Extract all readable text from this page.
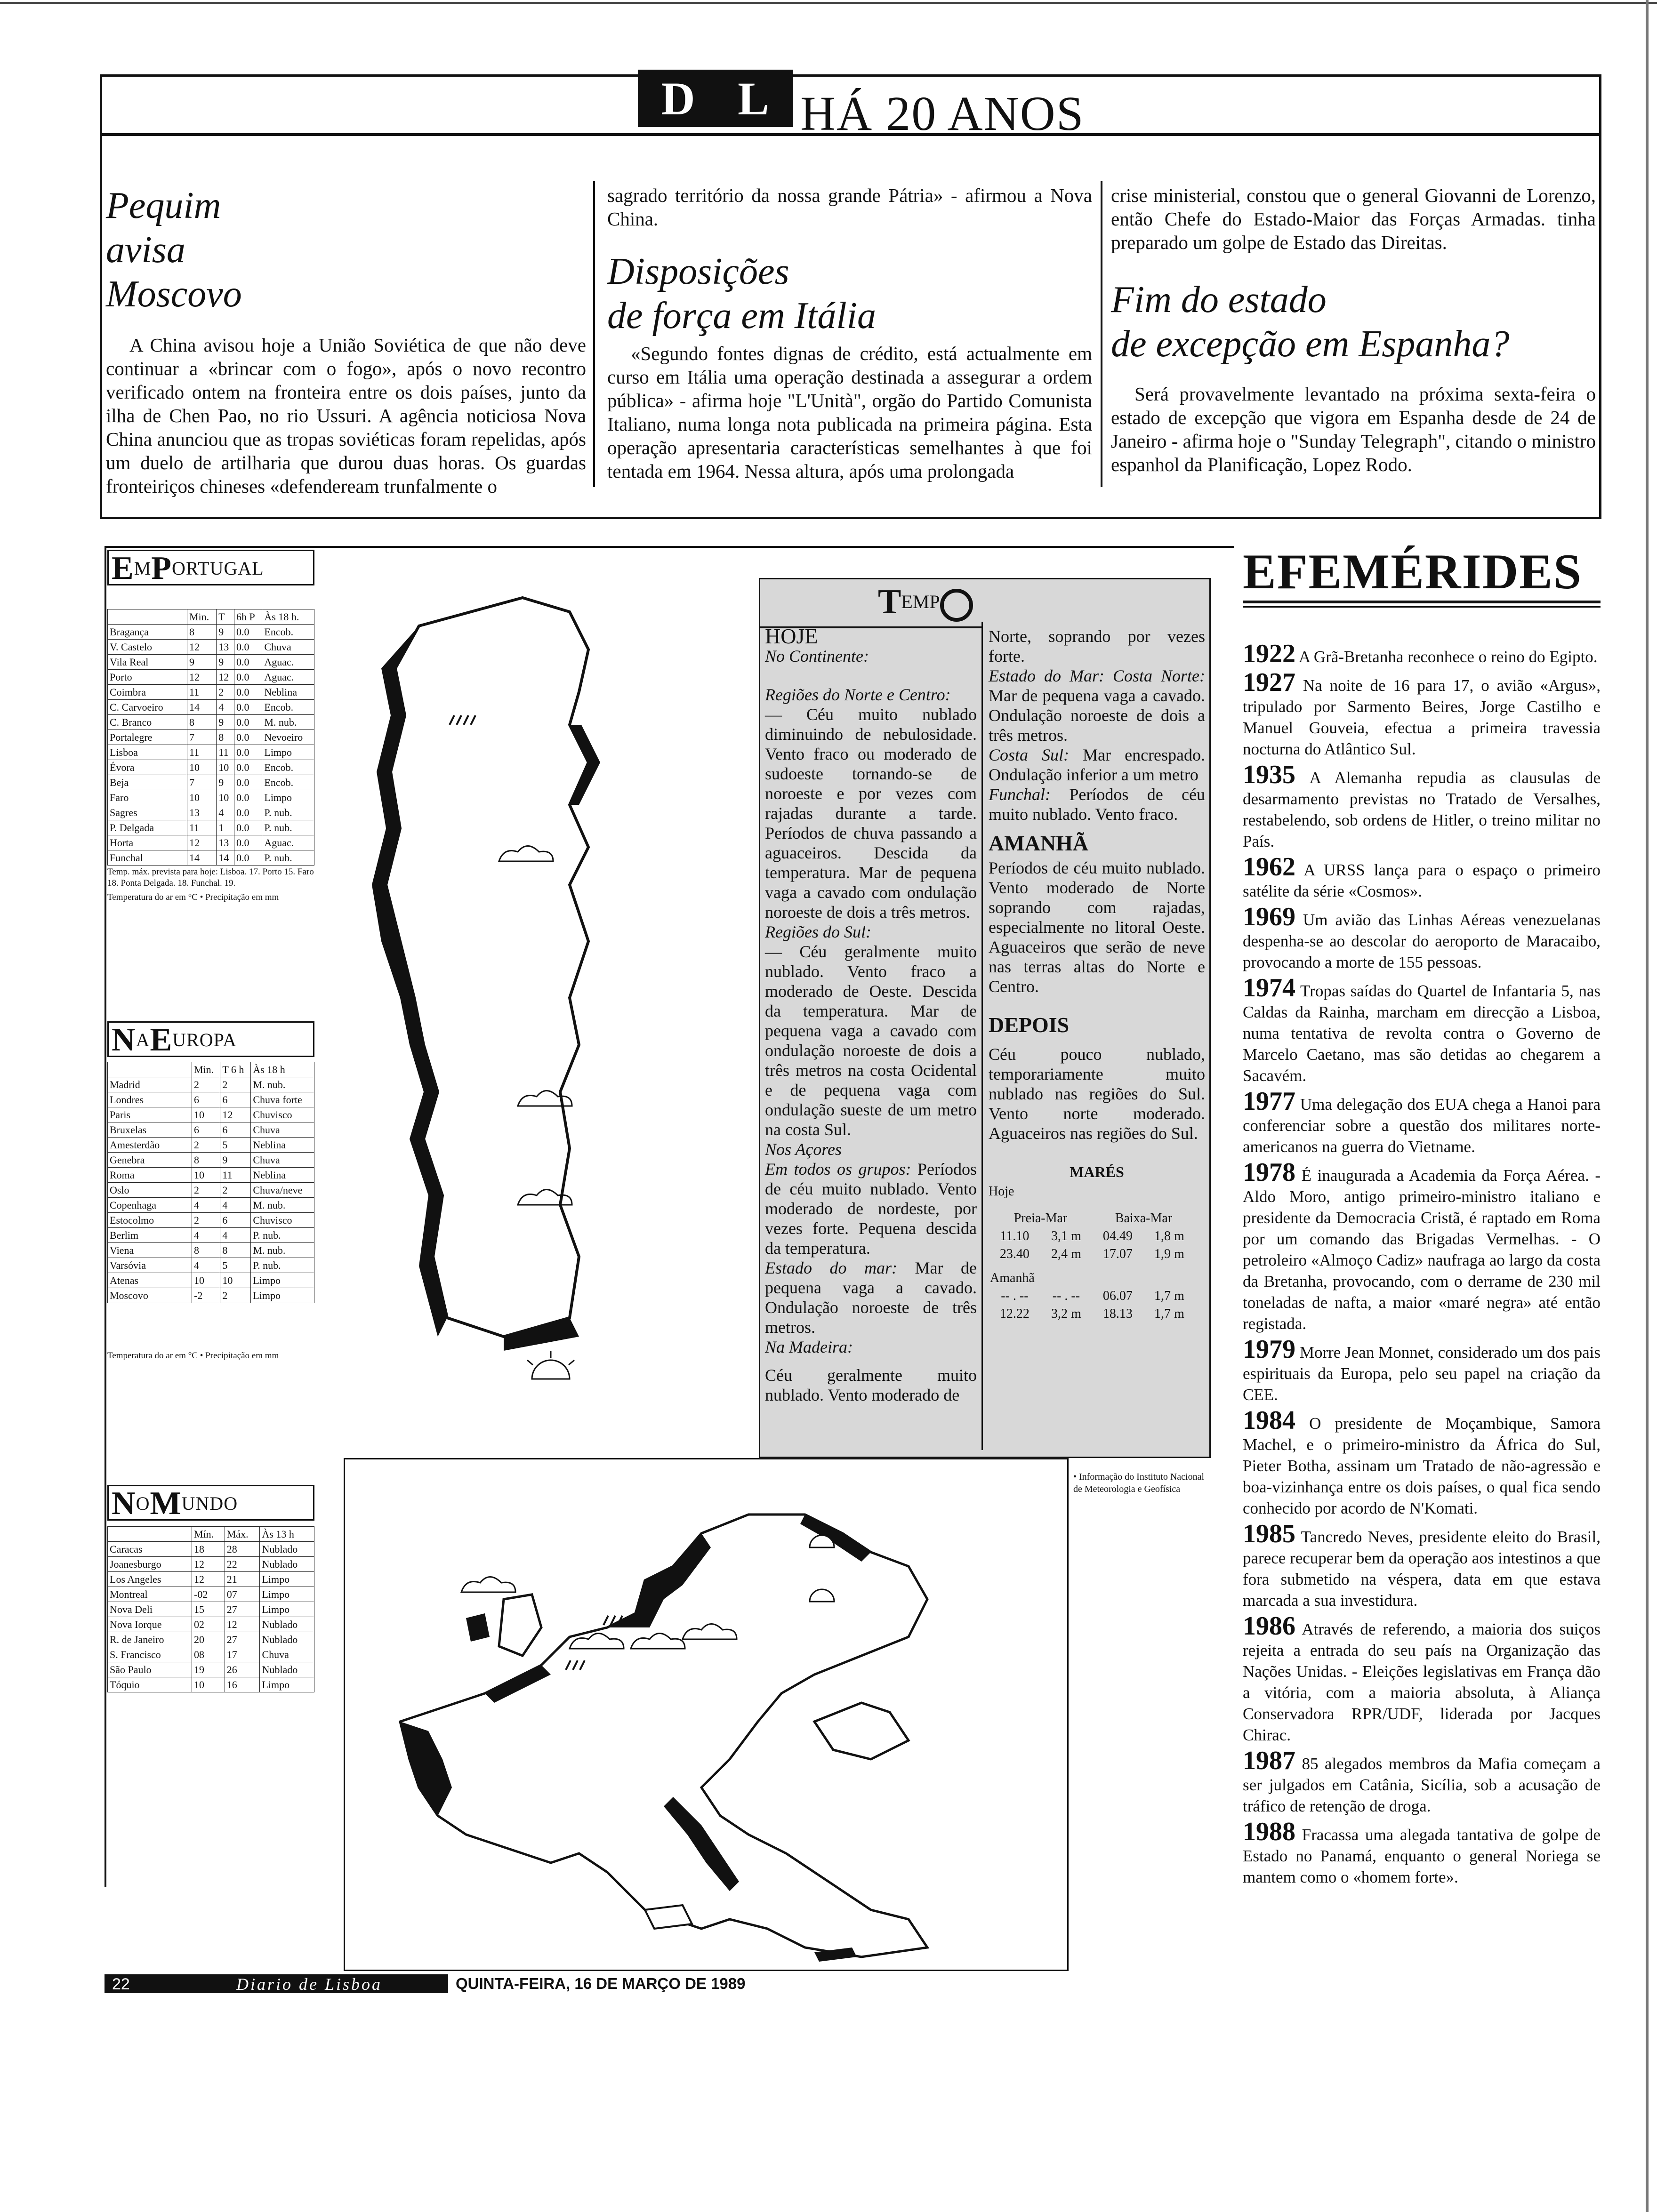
D L HÁ 20 ANOS
Pequim
avisa
Moscovo
A China avisou hoje a União Soviética de que não deve continuar a «brincar com o fogo», após o novo recontro verificado ontem na fronteira entre os dois países, junto da ilha de Chen Pao, no rio Ussuri. A agência noticiosa Nova China anunciou que as tropas soviéticas foram repelidas, após um duelo de artilharia que durou duas horas. Os guardas fronteiriços chineses «defendeream trunfalmente o
sagrado território da nossa grande Pátria» - afirmou a Nova China.
Disposições
de força em Itália
«Segundo fontes dignas de crédito, está actualmente em curso em Itália uma operação destinada a assegurar a ordem pública» - afirma hoje "L'Unità", orgão do Partido Comunista Italiano, numa longa nota publicada na primeira página. Esta operação apresentaria características semelhantes à que foi tentada em 1964. Nessa altura, após uma prolongada
crise ministerial, constou que o general Giovanni de Lorenzo, então Chefe do Estado-Maior das Forças Armadas. tinha preparado um golpe de Estado das Direitas.
Fim do estado
de excepção em Espanha?
Será provavelmente levantado na próxima sexta-feira o estado de excepção que vigora em Espanha desde de 24 de Janeiro - afirma hoje o "Sunday Telegraph", citando o ministro espanhol da Planificação, Lopez Rodo.
$E^MP^{ORTUGAL}$
	Min.	T	6h P	Às 18 h.
Bragança	8	9	0.0	Encob.
V. Castelo	12	13	0.0	Chuva
Vila Real	9	9	0.0	Aguac.
Porto	12	12	0.0	Aguac.
Coimbra	11	2	0.0	Neblina
C. Carvoeiro	14	4	0.0	Encob.
C. Branco	8	9	0.0	M. nub.
Portalegre	7	8	0.0	Nevoeiro
Lisboa	11	11	0.0	Limpo
Évora	10	10	0.0	Encob.
Beja	7	9	0.0	Encob.
Faro	10	10	0.0	Limpo
Sagres	13	4	0.0	P. nub.
P. Delgada	11	1	0.0	P. nub.
Horta	12	13	0.0	Aguac.
Funchal	14	14	0.0	P. nub.
Temp. máx. prevista para hoje: Lisboa. 17. Porto 15. Faro 18. Ponta Delgada. 18. Funchal. 19.
Temperatura do ar em °C • Precipitação em mm
$N^AE^{UROPA}$
	Min.	T 6 h	Às 18 h
Madrid	2	2	M. nub.
Londres	6	6	Chuva forte
Paris	10	12	Chuvisco
Bruxelas	6	6	Chuva
Amesterdão	2	5	Neblina
Genebra	8	9	Chuva
Roma	10	11	Neblina
Oslo	2	2	Chuva/neve
Copenhaga	4	4	M. nub.
Estocolmo	2	6	Chuvisco
Berlim	4	4	P. nub.
Viena	8	8	M. nub.
Varsóvia	4	5	P. nub.
Atenas	10	10	Limpo
Moscovo	-2	2	Limpo
Temperatura do ar em °C • Precipitação em mm
$N^OM^{UNDO}$
	Mín.	Máx.	Às 13 h
Caracas	18	28	Nublado
Joanesburgo	12	22	Nublado
Los Angeles	12	21	Limpo
Montreal	-02	07	Limpo
Nova Deli	15	27	Limpo
Nova Iorque	02	12	Nublado
R. de Janeiro	20	27	Nublado
S. Francisco	08	17	Chuva
São Paulo	19	26	Nublado
Tóquio	10	16	Limpo
$T^{EMP}$
HOJE
No Continente:
Regiões do Norte e Centro:
— Céu muito nublado diminuindo de nebulosidade. Vento fraco ou moderado de sudoeste tornando-se de noroeste e por vezes com rajadas durante a tarde. Períodos de chuva passando a aguaceiros. Descida da temperatura. Mar de pequena vaga a cavado com ondulação noroeste de dois a três metros.
Regiões do Sul:
— Céu geralmente muito nublado. Vento fraco a moderado de Oeste. Descida da temperatura. Mar de pequena vaga a cavado com ondulação noroeste de dois a três metros na costa Ocidental e de pequena vaga com ondulação sueste de um metro na costa Sul.
Nos Açores
Em todos os grupos: Períodos de céu muito nublado. Vento moderado de nordeste, por vezes forte. Pequena descida da temperatura.
Estado do mar: Mar de pequena vaga a cavado. Ondulação noroeste de três metros.
Na Madeira:
Céu geralmente muito nublado. Vento moderado de
Norte, soprando por vezes forte.
Estado do Mar: Costa Norte: Mar de pequena vaga a cavado. Ondulação noroeste de dois a três metros.
Costa Sul: Mar encrespado. Ondulação inferior a um metro
Funchal: Períodos de céu muito nublado. Vento fraco.
AMANHÃ
Períodos de céu muito nublado. Vento moderado de Norte soprando com rajadas, especialmente no litoral Oeste. Aguaceiros que serão de neve nas terras altas do Norte e Centro.
DEPOIS
Céu pouco nublado, temporariamente muito nublado nas regiões do Sul. Vento norte moderado. Aguaceiros nas regiões do Sul.
MARÉS
Hoje
Preia-Mar		Baixa-Mar	
11.10	3,1 m	04.49	1,8 m
23.40	2,4 m	17.07	1,9 m
Amanhã			
-- . --	-- . --	06.07	1,7 m
12.22	3,2 m	18.13	1,7 m
• Informação do Instituto Nacional de Meteorologia e Geofísica
EFEMÉRIDES
1922 A Grã-Bretanha reconhece o reino do Egipto.
1927 Na noite de 16 para 17, o avião «Argus», tripulado por Sarmento Beires, Jorge Castilho e Manuel Gouveia, efectua a primeira travessia nocturna do Atlântico Sul.
1935 A Alemanha repudia as clausulas de desarmamento previstas no Tratado de Versalhes, restabelendo, sob ordens de Hitler, o treino militar no País.
1962 A URSS lança para o espaço o primeiro satélite da série «Cosmos».
1969 Um avião das Linhas Aéreas venezuelanas despenha-se ao descolar do aeroporto de Maracaibo, provocando a morte de 155 pessoas.
1974 Tropas saídas do Quartel de Infantaria 5, nas Caldas da Rainha, marcham em direcção a Lisboa, numa tentativa de revolta contra o Governo de Marcelo Caetano, mas são detidas ao chegarem a Sacavém.
1977 Uma delegação dos EUA chega a Hanoi para conferenciar sobre a questão dos militares norte-americanos na guerra do Vietname.
1978 É inaugurada a Academia da Força Aérea. - Aldo Moro, antigo primeiro-ministro italiano e presidente da Democracia Cristã, é raptado em Roma por um comando das Brigadas Vermelhas. - O petroleiro «Almoço Cadiz» naufraga ao largo da costa da Bretanha, provocando, com o derrame de 230 mil toneladas de nafta, a maior «maré negra» até então registada.
1979 Morre Jean Monnet, considerado um dos pais espirituais da Europa, pelo seu papel na criação da CEE.
1984 O presidente de Moçambique, Samora Machel, e o primeiro-ministro da África do Sul, Pieter Botha, assinam um Tratado de não-agressão e boa-vizinhança entre os dois países, o qual fica sendo conhecido por acordo de N'Komati.
1985 Tancredo Neves, presidente eleito do Brasil, parece recuperar bem da operação aos intestinos a que fora submetido na véspera, data em que estava marcada a sua investidura.
1986 Através de referendo, a maioria dos suiços rejeita a entrada do seu país na Organização das Nações Unidas. - Eleições legislativas em França dão a vitória, com a maioria absoluta, à Aliança Conservadora RPR/UDF, liderada por Jacques Chirac.
1987 85 alegados membros da Mafia começam a ser julgados em Catânia, Sicília, sob a acusação de tráfico de retenção de droga.
1988 Fracassa uma alegada tantativa de golpe de Estado no Panamá, enquanto o general Noriega se mantem como o «homem forte».
22	Diario de Lisboa	QUINTA-FEIRA, 16 DE MARÇO DE 1989
